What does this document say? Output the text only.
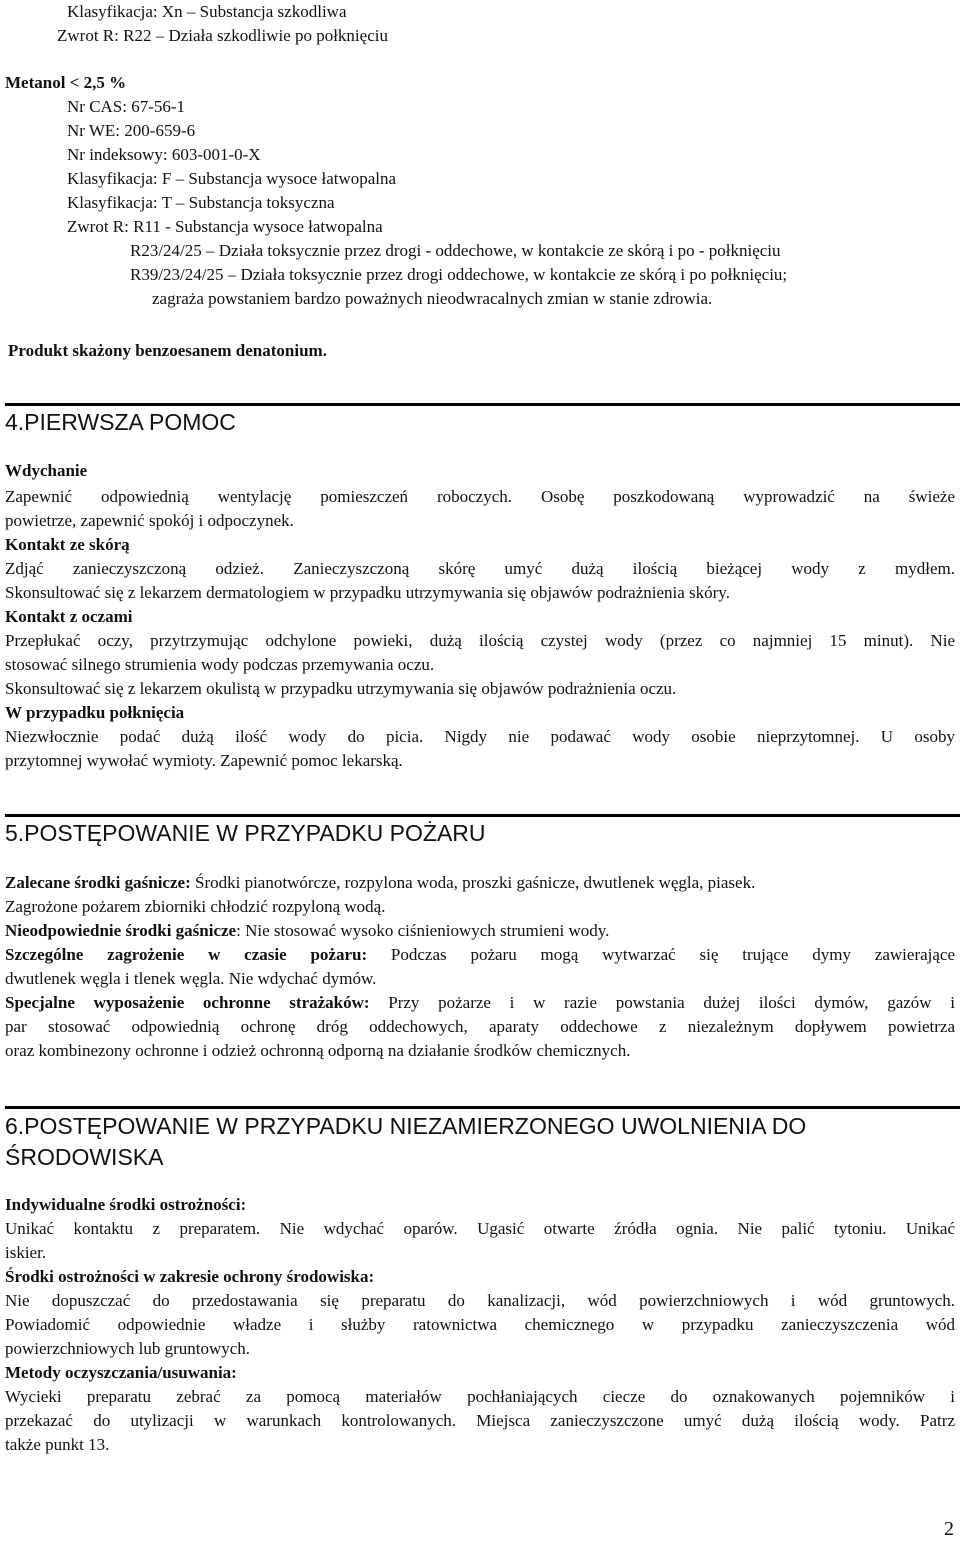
Klasyfikacja: Xn – Substancja szkodliwa
Zwrot R: R22 – Działa szkodliwie po połknięciu
Metanol < 2,5 %
Nr CAS: 67-56-1
Nr WE: 200-659-6
Nr indeksowy: 603-001-0-X
Klasyfikacja: F – Substancja wysoce łatwopalna
Klasyfikacja: T – Substancja toksyczna
Zwrot R: R11 - Substancja wysoce łatwopalna
R23/24/25 – Działa toksycznie przez drogi - oddechowe, w kontakcie ze skórą i po - połknięciu
R39/23/24/25 – Działa toksycznie przez drogi oddechowe, w kontakcie ze skórą i po połknięciu;
zagraża powstaniem bardzo poważnych nieodwracalnych zmian w stanie zdrowia.
Produkt skażony benzoesanem denatonium.
4.PIERWSZA POMOC
Wdychanie
Zapewnić odpowiednią wentylację pomieszczeń roboczych. Osobę poszkodowaną wyprowadzić na świeże
powietrze, zapewnić spokój i odpoczynek.
Kontakt ze skórą
Zdjąć zanieczyszczoną odzież. Zanieczyszczoną skórę umyć dużą ilością bieżącej wody z mydłem.
Skonsultować się z lekarzem dermatologiem w przypadku utrzymywania się objawów podrażnienia skóry.
Kontakt z oczami
Przepłukać oczy, przytrzymując odchylone powieki, dużą ilością czystej wody (przez co najmniej 15 minut). Nie
stosować silnego strumienia wody podczas przemywania oczu.
Skonsultować się z lekarzem okulistą w przypadku utrzymywania się objawów podrażnienia oczu.
W przypadku połknięcia
Niezwłocznie podać dużą ilość wody do picia. Nigdy nie podawać wody osobie nieprzytomnej. U osoby
przytomnej wywołać wymioty. Zapewnić pomoc lekarską.
5.POSTĘPOWANIE W PRZYPADKU POŻARU
Zalecane środki gaśnicze: Środki pianotwórcze, rozpylona woda, proszki gaśnicze, dwutlenek węgla, piasek.
Zagrożone pożarem zbiorniki chłodzić rozpyloną wodą.
Nieodpowiednie środki gaśnicze: Nie stosować wysoko ciśnieniowych strumieni wody.
Szczególne zagrożenie w czasie pożaru: Podczas pożaru mogą wytwarzać się trujące dymy zawierające
dwutlenek węgla i tlenek węgla. Nie wdychać dymów.
Specjalne wyposażenie ochronne strażaków: Przy pożarze i w razie powstania dużej ilości dymów, gazów i
par stosować odpowiednią ochronę dróg oddechowych, aparaty oddechowe z niezależnym dopływem powietrza
oraz kombinezony ochronne i odzież ochronną odporną na działanie środków chemicznych.
6.POSTĘPOWANIE W PRZYPADKU NIEZAMIERZONEGO UWOLNIENIA DO
ŚRODOWISKA
Indywidualne środki ostrożności:
Unikać kontaktu z preparatem. Nie wdychać oparów. Ugasić otwarte źródła ognia. Nie palić tytoniu. Unikać
iskier.
Środki ostrożności w zakresie ochrony środowiska:
Nie dopuszczać do przedostawania się preparatu do kanalizacji, wód powierzchniowych i wód gruntowych.
Powiadomić odpowiednie władze i służby ratownictwa chemicznego w przypadku zanieczyszczenia wód
powierzchniowych lub gruntowych.
Metody oczyszczania/usuwania:
Wycieki preparatu zebrać za pomocą materiałów pochłaniających ciecze do oznakowanych pojemników i
przekazać do utylizacji w warunkach kontrolowanych. Miejsca zanieczyszczone umyć dużą ilością wody. Patrz
także punkt 13.
2
